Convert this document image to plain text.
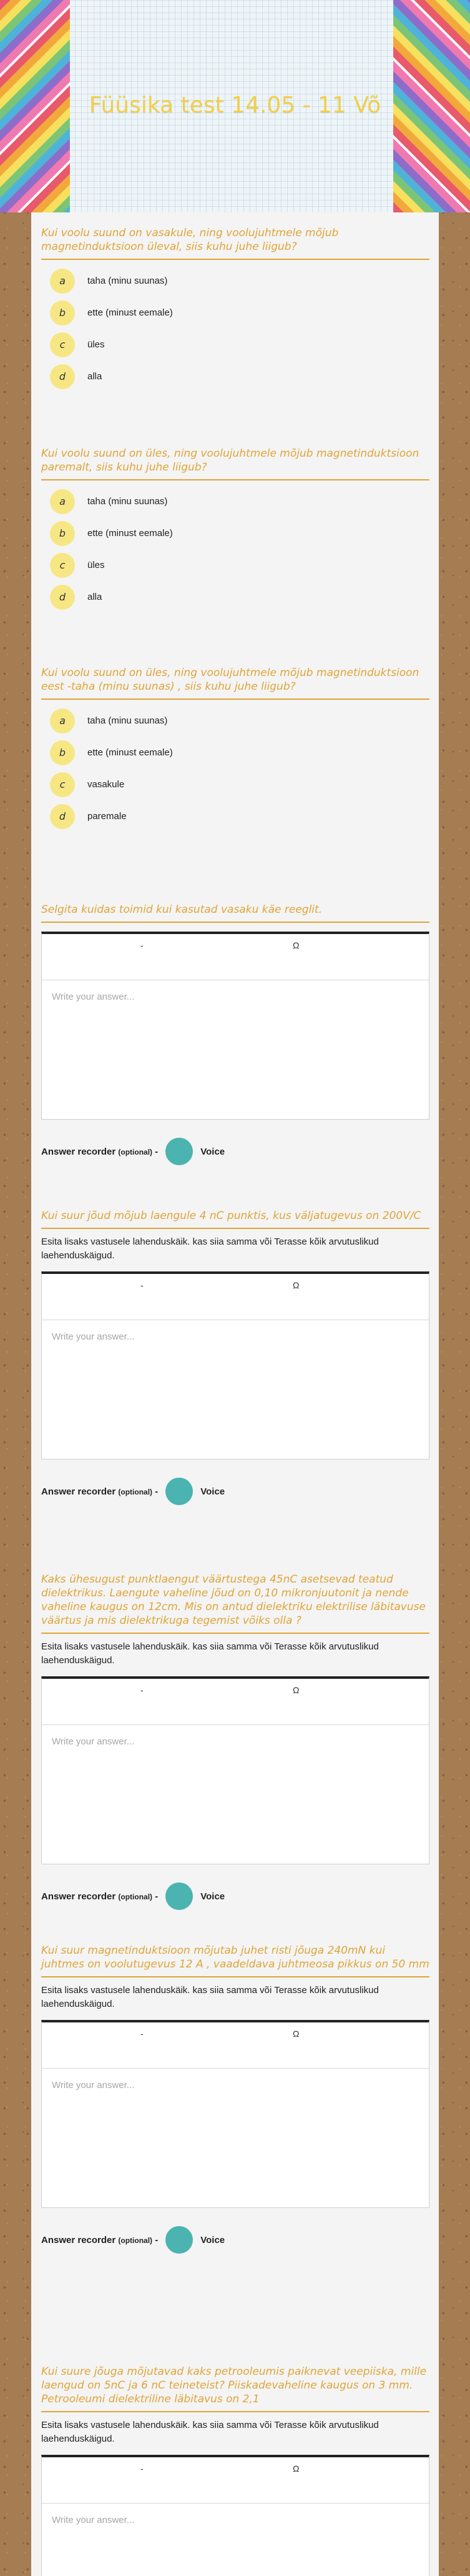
Füüsika test 14.05 - 11 Võ
Kui voolu suund on vasakule, ning voolujuhtmele mõjub magnetinduktsioon üleval, siis kuhu juhe liigub?
a	taha (minu suunas)
b	ette (minust eemale)
c	üles
d	alla
Kui voolu suund on üles, ning voolujuhtmele mõjub magnetinduktsioon paremalt, siis kuhu juhe liigub?
a	taha (minu suunas)
b	ette (minust eemale)
c	üles
d	alla
Kui voolu suund on üles, ning voolujuhtmele mõjub magnetinduktsioon eest -taha (minu suunas) , siis kuhu juhe liigub?
a	taha (minu suunas)
b	ette (minust eemale)
c	vasakule
d	paremale
Selgita kuidas toimid kui kasutad vasaku käe reeglit.
-	Ω
Write your answer...
Answer recorder (optional) -	Voice
Kui suur jõud mõjub laengule 4 nC punktis, kus väljatugevus on 200V/C
Esita lisaks vastusele lahenduskäik. kas siia samma või Terasse kõik arvutuslikud laehenduskäigud.
-	Ω
Write your answer...
Answer recorder (optional) -	Voice
Kaks ühesugust punktlaengut väärtustega 45nC asetsevad teatud dielektrikus. Laengute vaheline jõud on 0,10 mikronjuutonit ja nende vaheline kaugus on 12cm. Mis on antud dielektriku elektrilise läbitavuse väärtus ja mis dielektrikuga tegemist võiks olla ?
Esita lisaks vastusele lahenduskäik. kas siia samma või Terasse kõik arvutuslikud laehenduskäigud.
-	Ω
Write your answer...
Answer recorder (optional) -	Voice
Kui suur magnetinduktsioon mõjutab juhet risti jõuga 240mN kui juhtmes on voolutugevus 12 A , vaadeldava juhtmeosa pikkus on 50 mm
Esita lisaks vastusele lahenduskäik. kas siia samma või Terasse kõik arvutuslikud laehenduskäigud.
-	Ω
Write your answer...
Answer recorder (optional) -	Voice
Kui suure jõuga mõjutavad kaks petrooleumis paiknevat veepiiska, mille laengud on 5nC ja 6 nC teineteist? Piiskadevaheline kaugus on 3 mm. Petrooleumi dielektriline läbitavus on 2,1
Esita lisaks vastusele lahenduskäik. kas siia samma või Terasse kõik arvutuslikud laehenduskäigud.
-	Ω
Write your answer...
